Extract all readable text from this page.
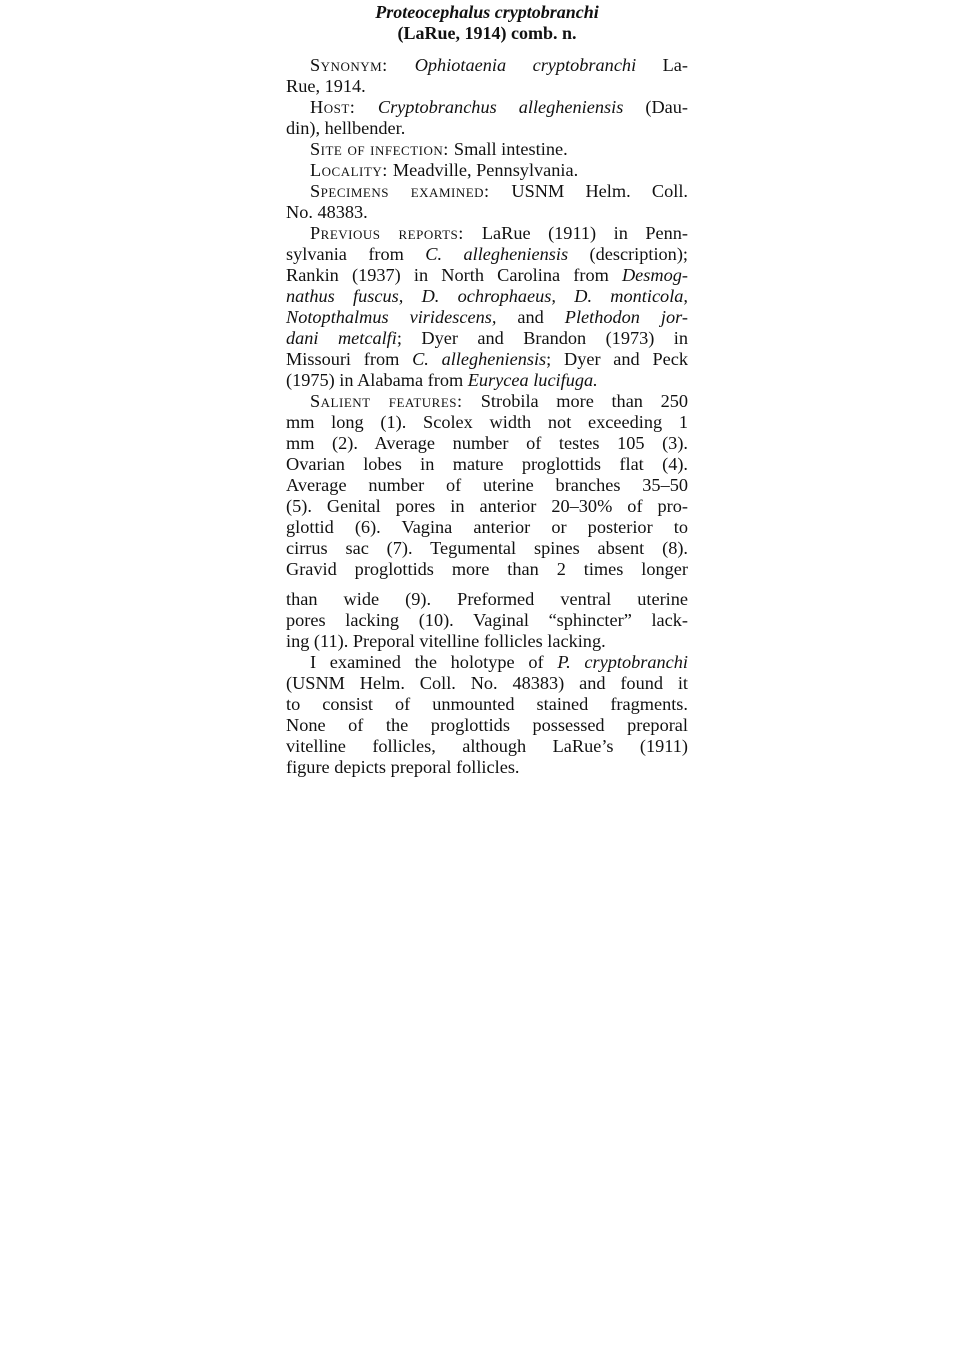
Proteocephalus cryptobranchi
(LaRue, 1914) comb. n.
Synonym: Ophiotaenia cryptobranchi La-
Rue, 1914.
Host: Cryptobranchus allegheniensis (Dau-
din), hellbender.
Site of infection: Small intestine.
Locality: Meadville, Pennsylvania.
Specimens examined: USNM Helm. Coll.
No. 48383.
Previous reports: LaRue (1911) in Penn-
sylvania from C. allegheniensis (description);
Rankin (1937) in North Carolina from Desmog-
nathus fuscus, D. ochrophaeus, D. monticola,
Notopthalmus viridescens, and Plethodon jor-
dani metcalfi; Dyer and Brandon (1973) in
Missouri from C. allegheniensis; Dyer and Peck
(1975) in Alabama from Eurycea lucifuga.
Salient features: Strobila more than 250
mm long (1). Scolex width not exceeding 1
mm (2). Average number of testes 105 (3).
Ovarian lobes in mature proglottids flat (4).
Average number of uterine branches 35–50
(5). Genital pores in anterior 20–30% of pro-
glottid (6). Vagina anterior or posterior to
cirrus sac (7). Tegumental spines absent (8).
Gravid proglottids more than 2 times longer
than wide (9). Preformed ventral uterine
pores lacking (10). Vaginal “sphincter” lack-
ing (11). Preporal vitelline follicles lacking.
I examined the holotype of P. cryptobranchi
(USNM Helm. Coll. No. 48383) and found it
to consist of unmounted stained fragments.
None of the proglottids possessed preporal
vitelline follicles, although LaRue’s (1911)
figure depicts preporal follicles.
